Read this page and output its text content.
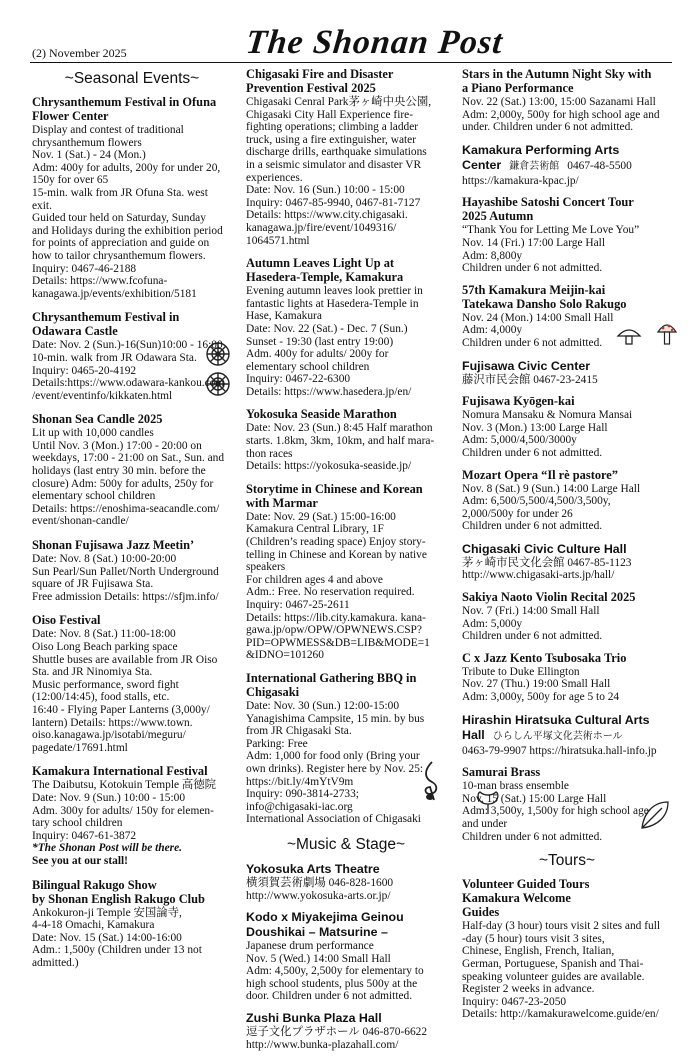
(2) November 2025	The Shonan Post
~Seasonal Events~
Chrysanthemum Festival in Ofuna
Flower Center
Display and contest of traditional
chrysanthemum flowers
Nov. 1 (Sat.) - 24 (Mon.)
Adm: 400y for adults, 200y for under 20,
150y for over 65
15-min. walk from JR Ofuna Sta. west
exit.
Guided tour held on Saturday, Sunday
and Holidays during the exhibition period
for points of appreciation and guide on
how to tailor chrysanthemum flowers.
Inquiry: 0467-46-2188
Details: https://www.fcofuna-
kanagawa.jp/events/exhibition/5181
Chrysanthemum Festival in
Odawara Castle
Date: Nov. 2 (Sun.)-16(Sun)10:00 - 16:00
10-min. walk from JR Odawara Sta.
Inquiry: 0465-20-4192
Details:https://www.odawara-kankou.com
/event/eventinfo/kikkaten.html
Shonan Sea Candle 2025
Lit up with 10,000 candles
Until Nov. 3 (Mon.) 17:00 - 20:00 on
weekdays, 17:00 - 21:00 on Sat., Sun. and
holidays (last entry 30 min. before the
closure) Adm: 500y for adults, 250y for
elementary school children
Details: https://enoshima-seacandle.com/
event/shonan-candle/
Shonan Fujisawa Jazz Meetin’
Date: Nov. 8 (Sat.) 10:00-20:00
Sun Pearl/Sun Pallet/North Underground
square of JR Fujisawa Sta.
Free admission Details: https://sfjm.info/
Oiso Festival
Date: Nov. 8 (Sat.) 11:00-18:00
Oiso Long Beach parking space
Shuttle buses are available from JR Oiso
Sta. and JR Ninomiya Sta.
Music performance, sword fight
(12:00/14:45), food stalls, etc.
16:40 - Flying Paper Lanterns (3,000y/
lantern) Details: https://www.town.
oiso.kanagawa.jp/isotabi/meguru/
pagedate/17691.html
Kamakura International Festival
The Daibutsu, Kotokuin Temple 高徳院
Date: Nov. 9 (Sun.) 10:00 - 15:00
Adm. 300y for adults/ 150y for elemen-
tary school children
Inquiry: 0467-61-3872
*The Shonan Post will be there.
See you at our stall!
Bilingual Rakugo Show
by Shonan English Rakugo Club
Ankokuron-ji Temple 安国論寺,
4-4-18 Omachi, Kamakura
Date: Nov. 15 (Sat.) 14:00-16:00
Adm.: 1,500y (Children under 13 not
admitted.)
Chigasaki Fire and Disaster
Prevention Festival 2025
Chigasaki Cenral Park茅ヶ崎中央公園,
Chigasaki City Hall Experience fire-
fighting operations; climbing a ladder
truck, using a fire extinguisher, water
discharge drills, earthquake simulations
in a seismic simulator and disaster VR
experiences.
Date: Nov. 16 (Sun.) 10:00 - 15:00
Inquiry: 0467-85-9940, 0467-81-7127
Details: https://www.city.chigasaki.
kanagawa.jp/fire/event/1049316/
1064571.html
Autumn Leaves Light Up at
Hasedera-Temple, Kamakura
Evening autumn leaves look prettier in
fantastic lights at Hasedera-Temple in
Hase, Kamakura
Date: Nov. 22 (Sat.) - Dec. 7 (Sun.)
Sunset - 19:30 (last entry 19:00)
Adm. 400y for adults/ 200y for
elementary school children
Inquiry: 0467-22-6300
Details: https://www.hasedera.jp/en/
Yokosuka Seaside Marathon
Date: Nov. 23 (Sun.) 8:45 Half marathon
starts. 1.8km, 3km, 10km, and half mara-
thon races
Details: https://yokosuka-seaside.jp/
Storytime in Chinese and Korean
with Marmar
Date: Nov. 29 (Sat.) 15:00-16:00
Kamakura Central Library, 1F
(Children’s reading space) Enjoy story-
telling in Chinese and Korean by native
speakers
For children ages 4 and above
Adm.: Free. No reservation required.
Inquiry: 0467-25-2611
Details: https://lib.city.kamakura. kana-
gawa.jp/opw/OPW/OPWNEWS.CSP?
PID=OPWMESS&DB=LIB&MODE=1
&IDNO=101260
International Gathering BBQ in
Chigasaki
Date: Nov. 30 (Sun.) 12:00-15:00
Yanagishima Campsite, 15 min. by bus
from JR Chigasaki Sta.
Parking: Free
Adm: 1,000 for food only (Bring your
own drinks). Register here by Nov. 25:
https://bit.ly/4mYtV9m
Inquiry: 090-3814-2733;
info@chigasaki-iac.org
International Association of Chigasaki
~Music & Stage~
Yokosuka Arts Theatre
横須賀芸術劇場 046-828-1600
http://www.yokosuka-arts.or.jp/
Kodo x Miyakejima Geinou
Doushikai – Matsurine –
Japanese drum performance
Nov. 5 (Wed.) 14:00 Small Hall
Adm: 4,500y, 2,500y for elementary to
high school students, plus 500y at the
door. Children under 6 not admitted.
Zushi Bunka Plaza Hall
逗子文化プラザホール 046-870-6622
http://www.bunka-plazahall.com/
Stars in the Autumn Night Sky with
a Piano Performance
Nov. 22 (Sat.) 13:00, 15:00 Sazanami Hall
Adm: 2,000y, 500y for high school age and
under. Children under 6 not admitted.
Kamakura Performing Arts
Center 鎌倉芸術館 0467-48-5500
https://kamakura-kpac.jp/
Hayashibe Satoshi Concert Tour
2025 Autumn
“Thank You for Letting Me Love You”
Nov. 14 (Fri.) 17:00 Large Hall
Adm: 8,800y
Children under 6 not admitted.
57th Kamakura Meijin-kai
Tatekawa Dansho Solo Rakugo
Nov. 24 (Mon.) 14:00 Small Hall
Adm: 4,000y
Children under 6 not admitted.
Fujisawa Civic Center
藤沢市民会館 0467-23-2415
Fujisawa Kyōgen-kai
Nomura Mansaku & Nomura Mansai
Nov. 3 (Mon.) 13:00 Large Hall
Adm: 5,000/4,500/3000y
Children under 6 not admitted.
Mozart Opera “Il rè pastore”
Nov. 8 (Sat.) 9 (Sun.) 14:00 Large Hall
Adm: 6,500/5,500/4,500/3,500y,
2,000/500y for under 26
Children under 6 not admitted.
Chigasaki Civic Culture Hall
茅ヶ崎市民文化会館 0467-85-1123
http://www.chigasaki-arts.jp/hall/
Sakiya Naoto Violin Recital 2025
Nov. 7 (Fri.) 14:00 Small Hall
Adm: 5,000y
Children under 6 not admitted.
C x Jazz Kento Tsubosaka Trio
Tribute to Duke Ellington
Nov. 27 (Thu.) 19:00 Small Hall
Adm: 3,000y, 500y for age 5 to 24
Hirashin Hiratsuka Cultural Arts
Hall ひらしん平塚文化芸術ホール
0463-79-9907 https://hiratsuka.hall-info.jp
Samurai Brass
10-man brass ensemble
Nov. 15 (Sat.) 15:00 Large Hall
Adm: 3,500y, 1,500y for high school age
and under
Children under 6 not admitted.
~Tours~
Volunteer Guided Tours
Kamakura Welcome
Guides
Half-day (3 hour) tours visit 2 sites and full
-day (5 hour) tours visit 3 sites,
Chinese, English, French, Italian,
German, Portuguese, Spanish and Thai-
speaking volunteer guides are available.
Register 2 weeks in advance.
Inquiry: 0467-23-2050
Details: http://kamakurawelcome.guide/en/
